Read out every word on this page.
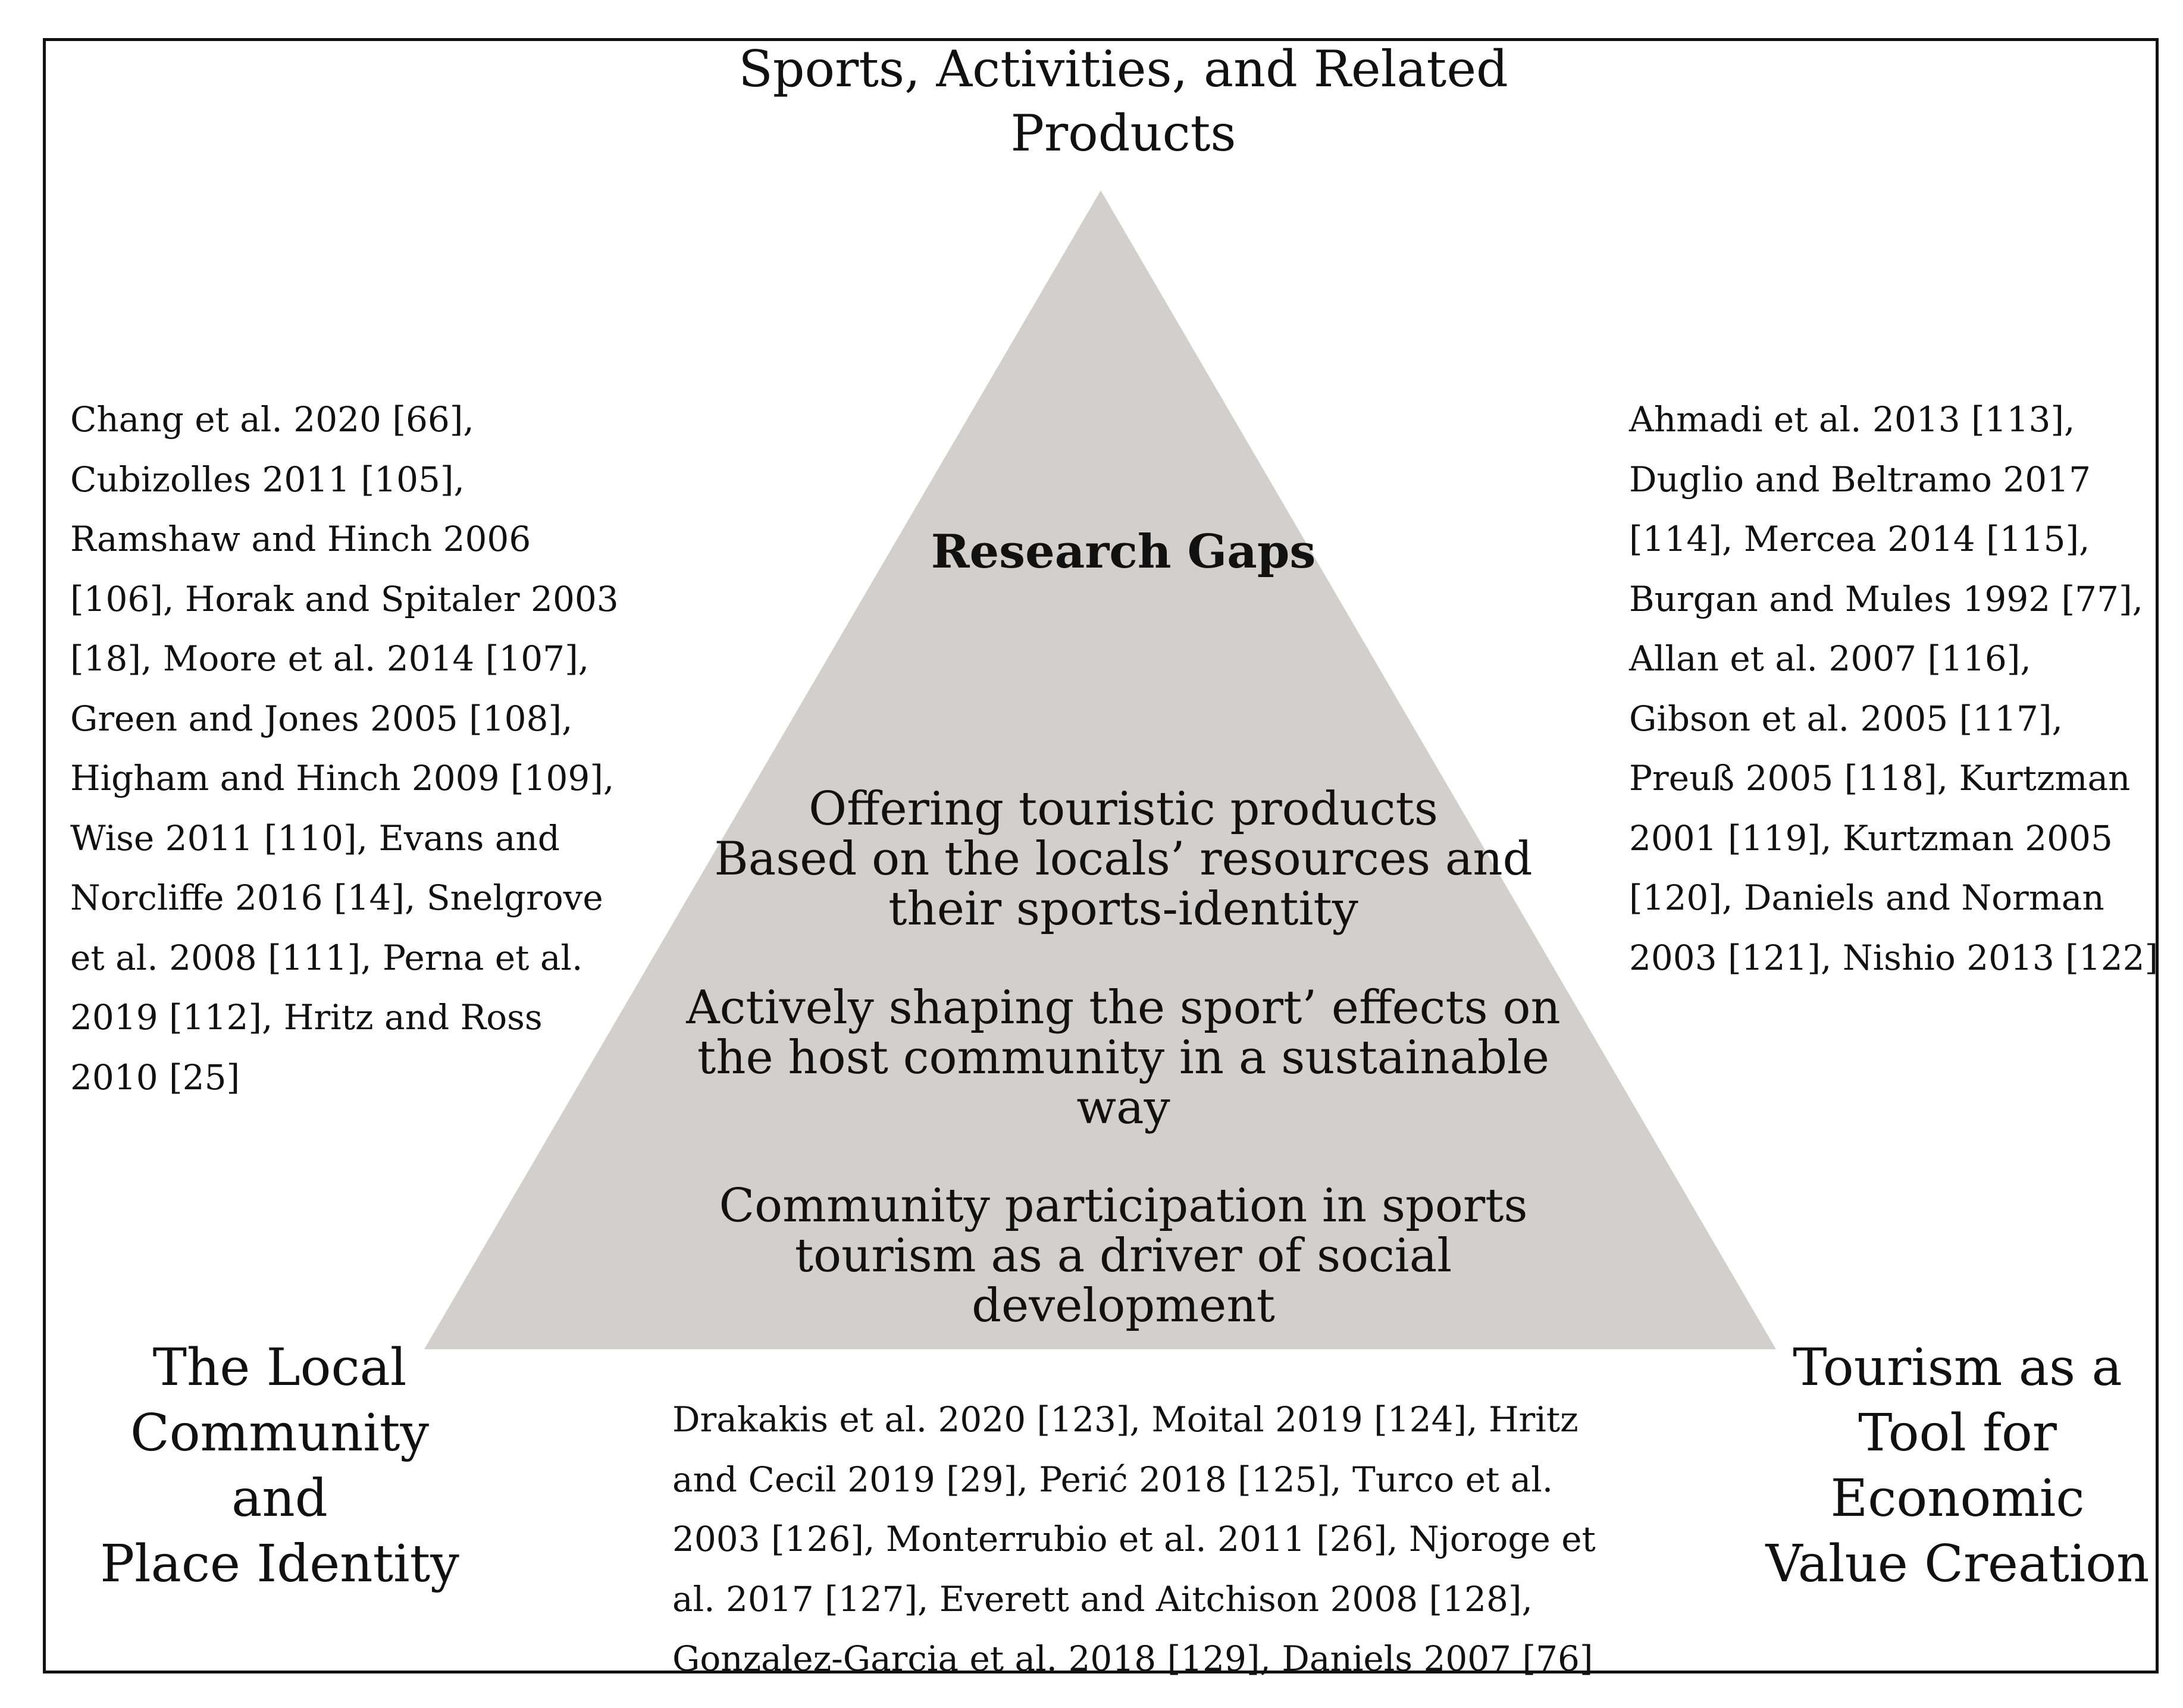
Sports, Activities, and Related
Products
Chang et al. 2020 [66],
Cubizolles 2011 [105],
Ramshaw and Hinch 2006
[106], Horak and Spitaler 2003
[18], Moore et al. 2014 [107],
Green and Jones 2005 [108],
Higham and Hinch 2009 [109],
Wise 2011 [110], Evans and
Norcliffe 2016 [14], Snelgrove
et al. 2008 [111], Perna et al.
2019 [112], Hritz and Ross
2010 [25]
Ahmadi et al. 2013 [113],
Duglio and Beltramo 2017
[114], Mercea 2014 [115],
Burgan and Mules 1992 [77],
Allan et al. 2007 [116],
Gibson et al. 2005 [117],
Preuß 2005 [118], Kurtzman
2001 [119], Kurtzman 2005
[120], Daniels and Norman
2003 [121], Nishio 2013 [122]
Research Gaps
Offering touristic products
Based on the locals’ resources and
their sports-identity
Actively shaping the sport’ effects on
the host community in a sustainable
way
Community participation in sports
tourism as a driver of social
development
The Local
Community and
Place Identity
Tourism as a
Tool for
Economic
Value Creation
Drakakis et al. 2020 [123], Moital 2019 [124], Hritz
and Cecil 2019 [29], Perić 2018 [125], Turco et al.
2003 [126], Monterrubio et al. 2011 [26], Njoroge et
al. 2017 [127], Everett and Aitchison 2008 [128],
Gonzalez-Garcia et al. 2018 [129], Daniels 2007 [76]
